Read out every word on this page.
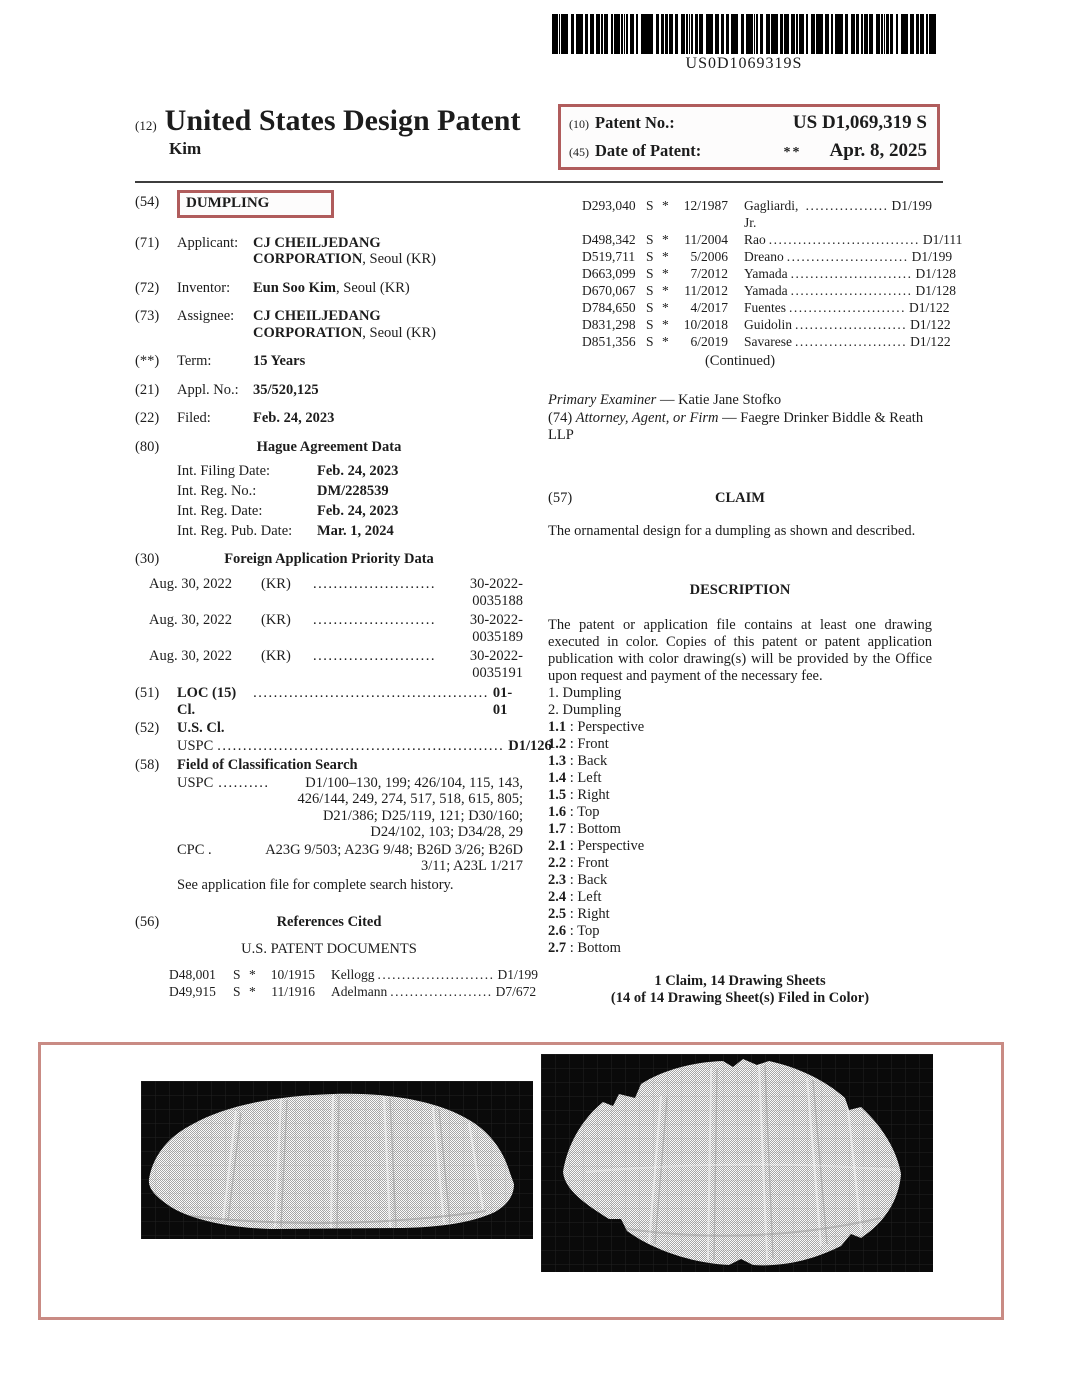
US0D1069319S
(12) United States Design Patent
Kim
(10) Patent No.:	US D1,069,319 S
(45) Date of Patent:	** Apr. 8, 2025
(54)	DUMPLING
(71)	Applicant:	CJ CHEILJEDANG
CORPORATION, Seoul (KR)
(72)	Inventor:	Eun Soo Kim, Seoul (KR)
(73)	Assignee:	CJ CHEILJEDANG
CORPORATION, Seoul (KR)
(**)	Term:	15 Years
(21)	Appl. No.: 35/520,125
(22)	Filed:	Feb. 24, 2023
(80)	Hague Agreement Data
Int. Filing Date:	Feb. 24, 2023
Int. Reg. No.:	DM/228539
Int. Reg. Date:	Feb. 24, 2023
Int. Reg. Pub. Date:	Mar. 1, 2024
(30)	Foreign Application Priority Data
Aug. 30, 2022	(KR)	........................	30-2022-0035188
Aug. 30, 2022	(KR)	........................	30-2022-0035189
Aug. 30, 2022	(KR)	........................	30-2022-0035191
(51)	LOC (15) Cl.
.............................................. 01-01
(52)	U.S. Cl.
USPC ........................................................ D1/126
(58)	Field of Classification Search
USPC ..........	D1/100–130, 199; 426/104, 115, 143,
426/144, 249, 274, 517, 518, 615, 805;
D21/386; D25/119, 121; D30/160;
D24/102, 103; D34/28, 29
CPC .	A23G 9/503; A23G 9/48; B26D 3/26; B26D
3/11; A23L 1/217
See application file for complete search history.
(56)	References Cited
U.S. PATENT DOCUMENTS
D48,001	S *	10/1915 Kellogg ........................ D1/199
D49,915	S *	11/1916 Adelmann ..................... D7/672
D293,040 S *	12/1987 Gagliardi, Jr.
................. D1/199
D498,342 S *	11/2004 Rao ............................... D1/111
D519,711 S *	5/2006 Dreano ......................... D1/199
D663,099 S *	7/2012 Yamada ......................... D1/128
D670,067 S *	11/2012 Yamada ......................... D1/128
D784,650 S *	4/2017 Fuentes ........................ D1/122
D831,298 S *	10/2018 Guidolin ....................... D1/122
D851,356 S *	6/2019 Savarese ....................... D1/122
(Continued)
Primary Examiner — Katie Jane Stofko
(74) Attorney, Agent, or Firm — Faegre Drinker Biddle & Reath LLP
(57)	CLAIM
The ornamental design for a dumpling as shown and described.
DESCRIPTION
The patent or application file contains at least one drawing executed in color. Copies of this patent or patent application publication with color drawing(s) will be provided by the Office upon request and payment of the necessary fee.
1. Dumpling
2. Dumpling
1.1 : Perspective
1.2 : Front
1.3 : Back
1.4 : Left
1.5 : Right
1.6 : Top
1.7 : Bottom
2.1 : Perspective
2.2 : Front
2.3 : Back
2.4 : Left
2.5 : Right
2.6 : Top
2.7 : Bottom
1 Claim, 14 Drawing Sheets
(14 of 14 Drawing Sheet(s) Filed in Color)
